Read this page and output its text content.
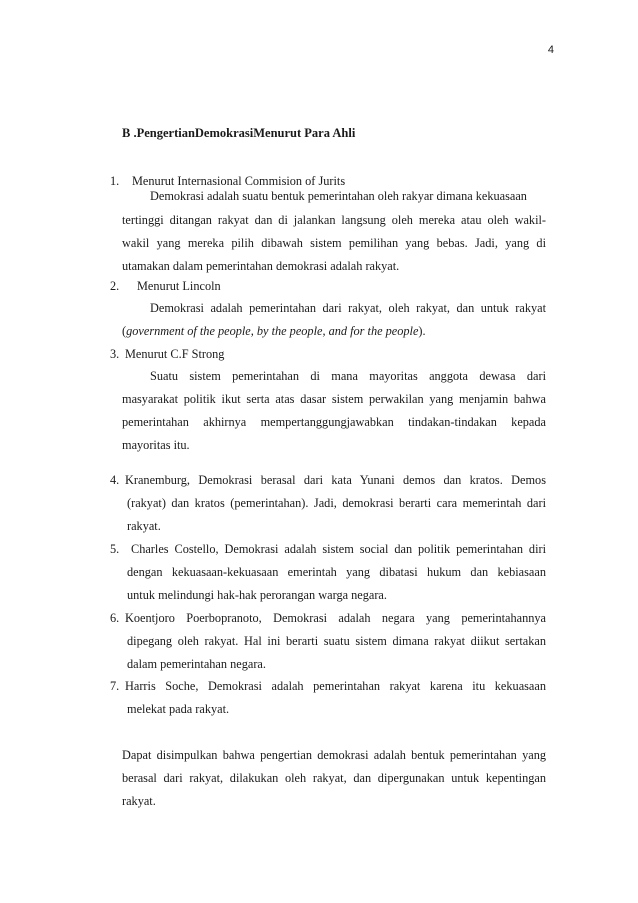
4
B .PengertianDemokrasiMenurut Para Ahli
1. Menurut Internasional Commision of Jurits
Demokrasi adalah suatu bentuk pemerintahan oleh rakyar dimana kekuasaan
tertinggi ditangan rakyat dan di jalankan langsung oleh mereka atau oleh wakil-
wakil yang mereka pilih dibawah sistem pemilihan yang bebas. Jadi, yang di
utamakan dalam pemerintahan demokrasi adalah rakyat.
2. Menurut Lincoln
Demokrasi adalah pemerintahan dari rakyat, oleh rakyat, dan untuk rakyat
(government of the people, by the people, and for the people).
3. Menurut C.F Strong
Suatu sistem pemerintahan di mana mayoritas anggota dewasa dari
masyarakat politik ikut serta atas dasar sistem perwakilan yang menjamin bahwa
pemerintahan akhirnya mempertanggungjawabkan tindakan-tindakan kepada
mayoritas itu.
4. Kranemburg, Demokrasi berasal dari kata Yunani demos dan kratos. Demos
(rakyat) dan kratos (pemerintahan). Jadi, demokrasi berarti cara memerintah dari
rakyat.
5. Charles Costello, Demokrasi adalah sistem social dan politik pemerintahan diri
dengan kekuasaan-kekuasaan emerintah yang dibatasi hukum dan kebiasaan
untuk melindungi hak-hak perorangan warga negara.
6. Koentjoro Poerbopranoto, Demokrasi adalah negara yang pemerintahannya
dipegang oleh rakyat. Hal ini berarti suatu sistem dimana rakyat diikut sertakan
dalam pemerintahan negara.
7. Harris Soche, Demokrasi adalah pemerintahan rakyat karena itu kekuasaan
melekat pada rakyat.
Dapat disimpulkan bahwa pengertian demokrasi adalah bentuk pemerintahan yang
berasal dari rakyat, dilakukan oleh rakyat, dan dipergunakan untuk kepentingan
rakyat.
